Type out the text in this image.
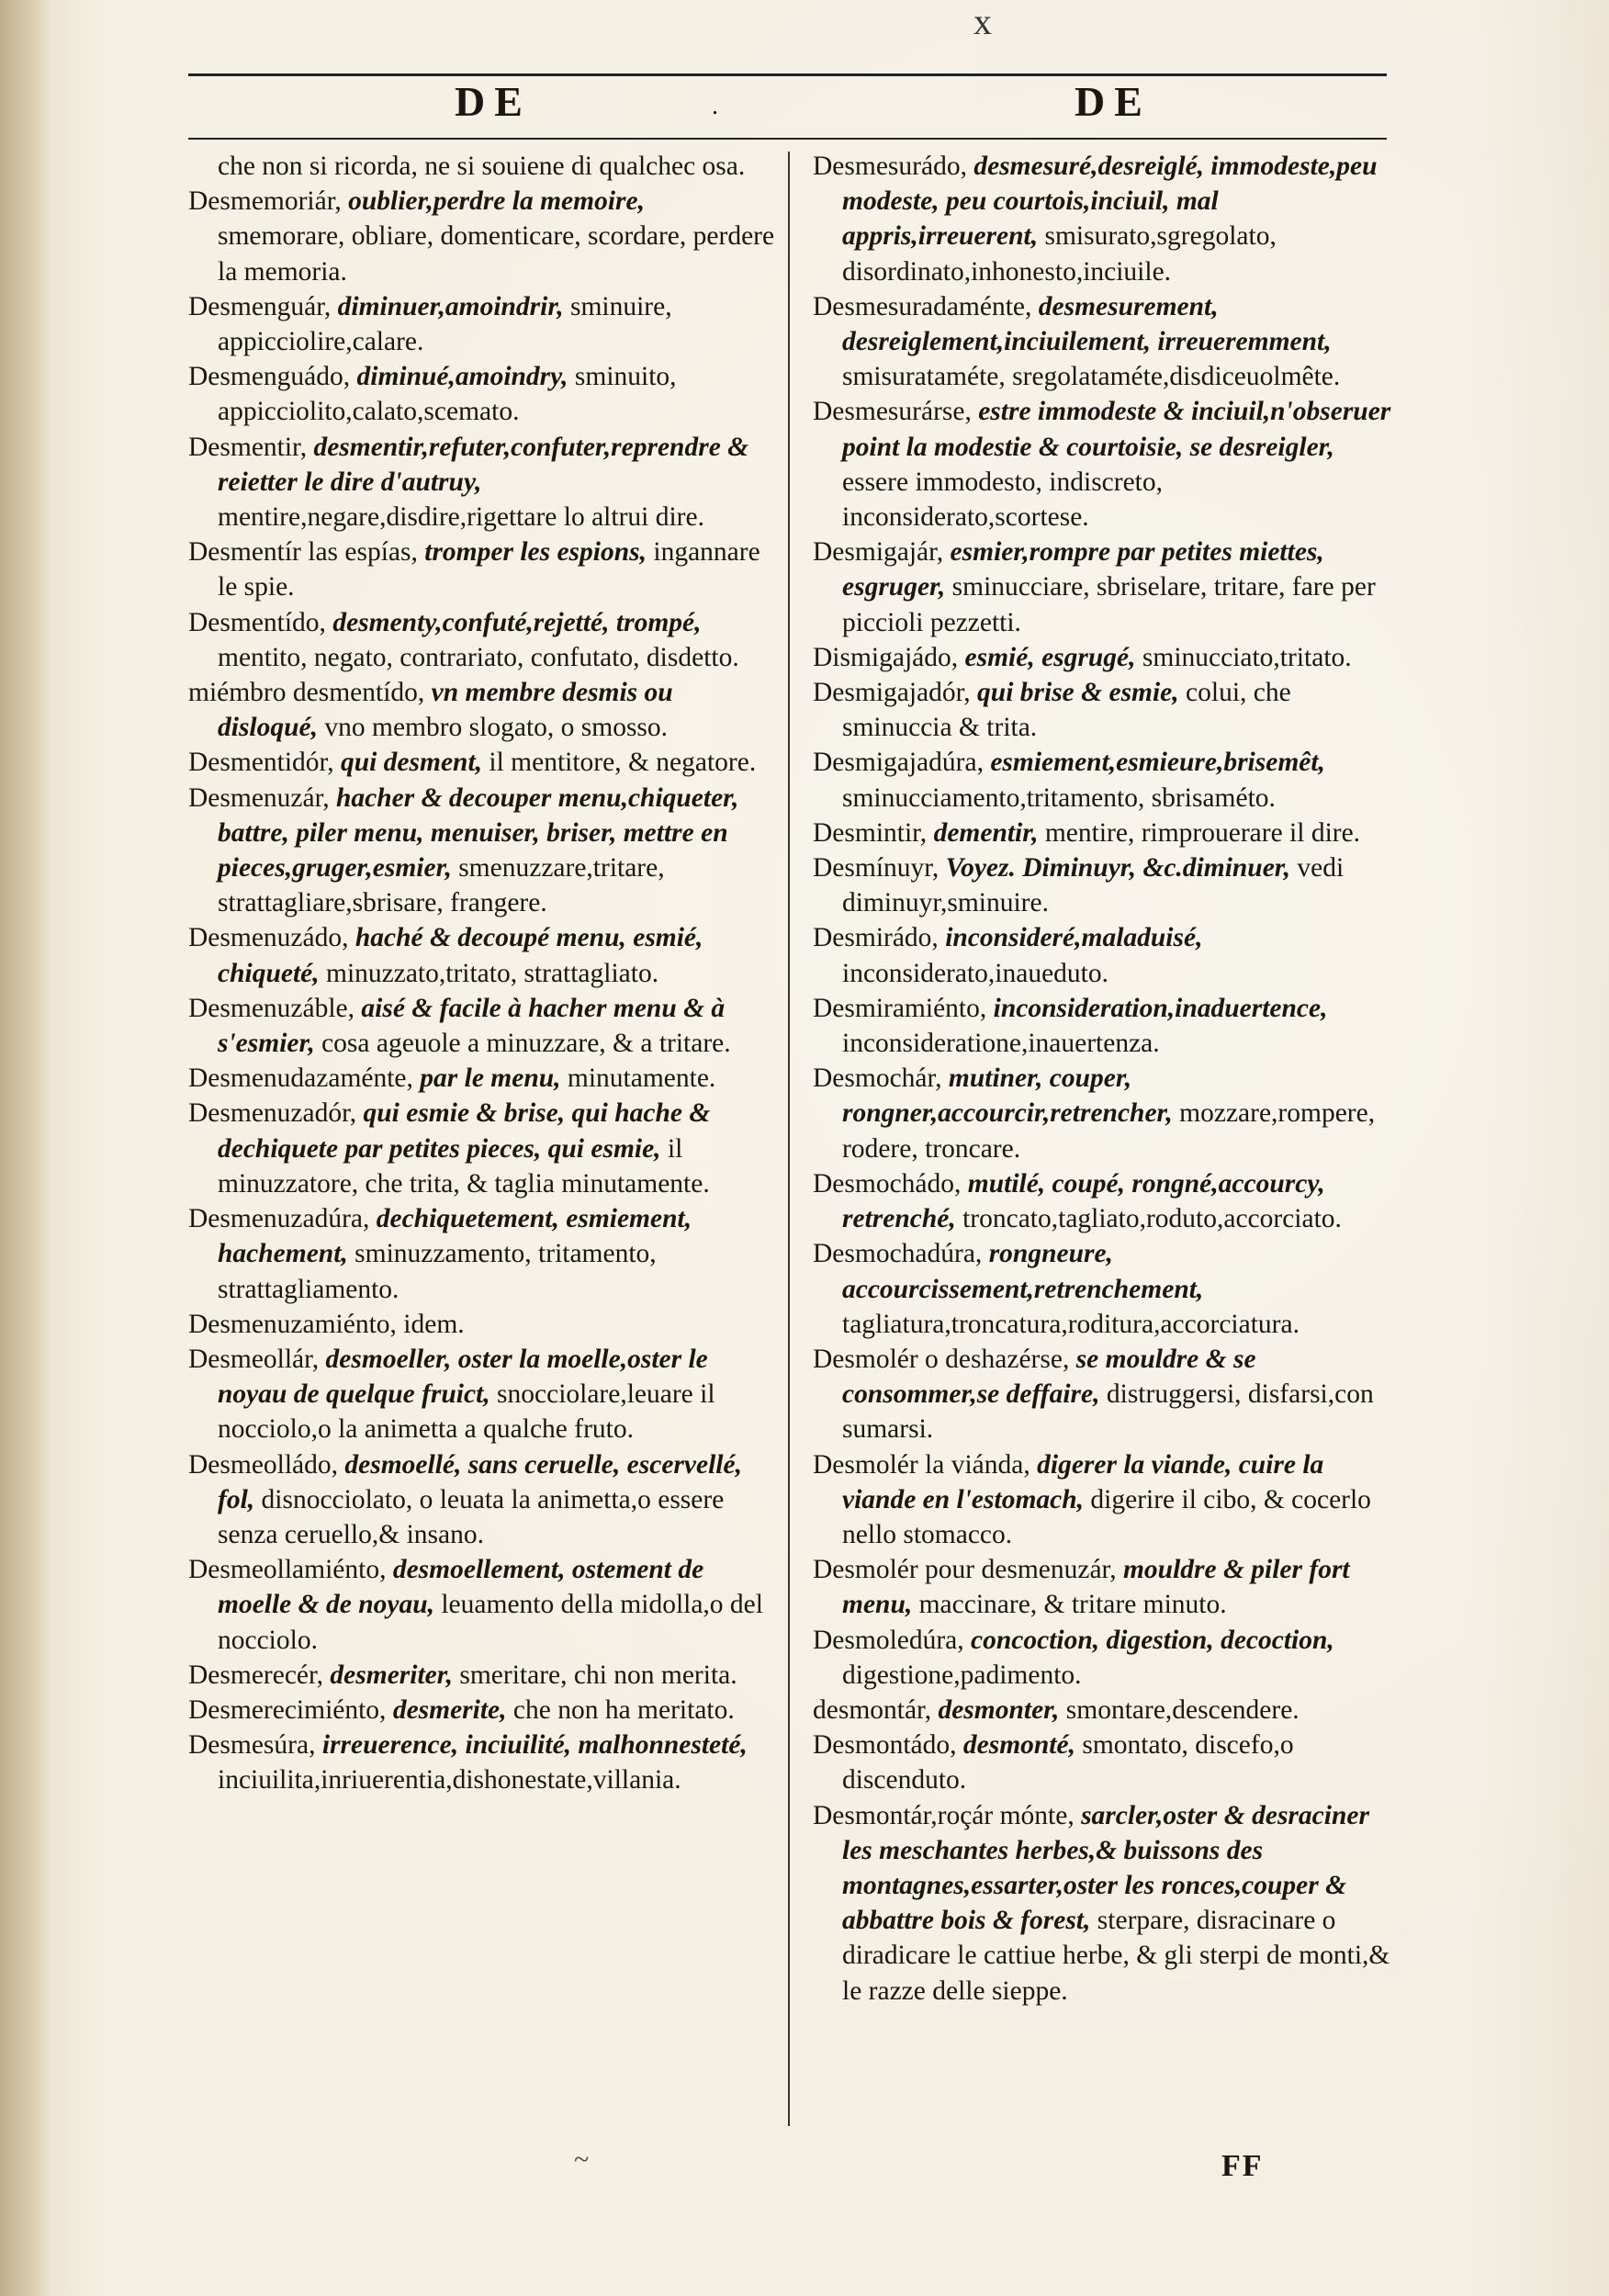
x
DE	.	DE

che non si ricorda, ne si souiene di qualchec osa.

Desmemoriár, oublier,perdre la memoire, smemorare, obliare, domenticare, scordare, perdere la memoria.

Desmenguár, diminuer,amoindrir, sminuire, appicciolire,calare.

Desmenguádo, diminué,amoindry, sminuito, appicciolito,calato,scemato.

Desmentir, desmentir,refuter,confuter,reprendre & reietter le dire d'autruy, mentire,negare,disdire,rigettare lo altrui dire.

Desmentír las espías, tromper les espions, ingannare le spie.

Desmentído, desmenty,confuté,rejetté, trompé, mentito, negato, contrariato, confutato, disdetto.

miémbro desmentído, vn membre desmis ou disloqué, vno membro slogato, o smosso.

Desmentidór, qui desment, il mentitore, & negatore.

Desmenuzár, hacher & decouper menu,chiqueter, battre, piler menu, menuiser, briser, mettre en pieces,gruger,esmier, smenuzzare,tritare, strattagliare,sbrisare, frangere.

Desmenuzádo, haché & decoupé menu, esmié, chiqueté, minuzzato,tritato, strattagliato.

Desmenuzáble, aisé & facile à hacher menu & à s'esmier, cosa ageuole a minuzzare, & a tritare.

Desmenudazaménte, par le menu, minutamente.

Desmenuzadór, qui esmie & brise, qui hache & dechiquete par petites pieces, qui esmie, il minuzzatore, che trita, & taglia minutamente.

Desmenuzadúra, dechiquetement, esmiement, hachement, sminuzzamento, tritamento, strattagliamento.

Desmenuzamiénto, idem.

Desmeollár, desmoeller, oster la moelle,oster le noyau de quelque fruict, snocciolare,leuare il nocciolo,o la animetta a qualche fruto.

Desmeolládo, desmoellé, sans ceruelle, escervellé, fol, disnocciolato, o leuata la animetta,o essere senza ceruello,& insano.

Desmeollamiénto, desmoellement, ostement de moelle & de noyau, leuamento della midolla,o del nocciolo.

Desmerecér, desmeriter, smeritare, chi non merita.

Desmerecimiénto, desmerite, che non ha meritato.

Desmesúra, irreuerence, inciuilité, malhonnesteté, inciuilita,inriuerentia,dishonestate,villania.

Desmesurádo, desmesuré,desreiglé, immodeste,peu modeste, peu courtois,inciuil, mal appris,irreuerent, smisurato,sgregolato, disordinato,inhonesto,inciuile.

Desmesuradaménte, desmesurement, desreiglement,inciuilement, irreueremment, smisurataméte, sregolataméte,disdiceuolmête.

Desmesurárse, estre immodeste & inciuil,n'obseruer point la modestie & courtoisie, se desreigler, essere immodesto, indiscreto, inconsiderato,scortese.

Desmigajár, esmier,rompre par petites miettes, esgruger, sminucciare, sbriselare, tritare, fare per piccioli pezzetti.

Dismigajádo, esmié, esgrugé, sminucciato,tritato.

Desmigajadór, qui brise & esmie, colui, che sminuccia & trita.

Desmigajadúra, esmiement,esmieure,brisemêt, sminucciamento,tritamento, sbrisaméto.

Desmintir, dementir, mentire, rimprouerare il dire.

Desmínuyr, Voyez. Diminuyr, &c.diminuer, vedi diminuyr,sminuire.

Desmirádo, inconsideré,maladuisé, inconsiderato,inaueduto.

Desmiramiénto, inconsideration,inaduertence, inconsideratione,inauertenza.

Desmochár, mutiner, couper, rongner,accourcir,retrencher, mozzare,rompere, rodere, troncare.

Desmochádo, mutilé, coupé, rongné,accourcy, retrenché, troncato,tagliato,roduto,accorciato.

Desmochadúra, rongneure, accourcissement,retrenchement, tagliatura,troncatura,roditura,accorciatura.

Desmolér o deshazérse, se mouldre & se consommer,se deffaire, distruggersi, disfarsi,con sumarsi.

Desmolér la viánda, digerer la viande, cuire la viande en l'estomach, digerire il cibo, & cocerlo nello stomacco.

Desmolér pour desmenuzár, mouldre & piler fort menu, maccinare, & tritare minuto.

Desmoledúra, concoction, digestion, decoction, digestione,padimento.

desmontár, desmonter, smontare,descendere.

Desmontádo, desmonté, smontato, discefo,o discenduto.

Desmontár,roçár mónte, sarcler,oster & desraciner les meschantes herbes,& buissons des montagnes,essarter,oster les ronces,couper & abbattre bois & forest, sterpare, disracinare o diradicare le cattiue herbe, & gli sterpi de monti,& le razze delle sieppe.

~	FF
